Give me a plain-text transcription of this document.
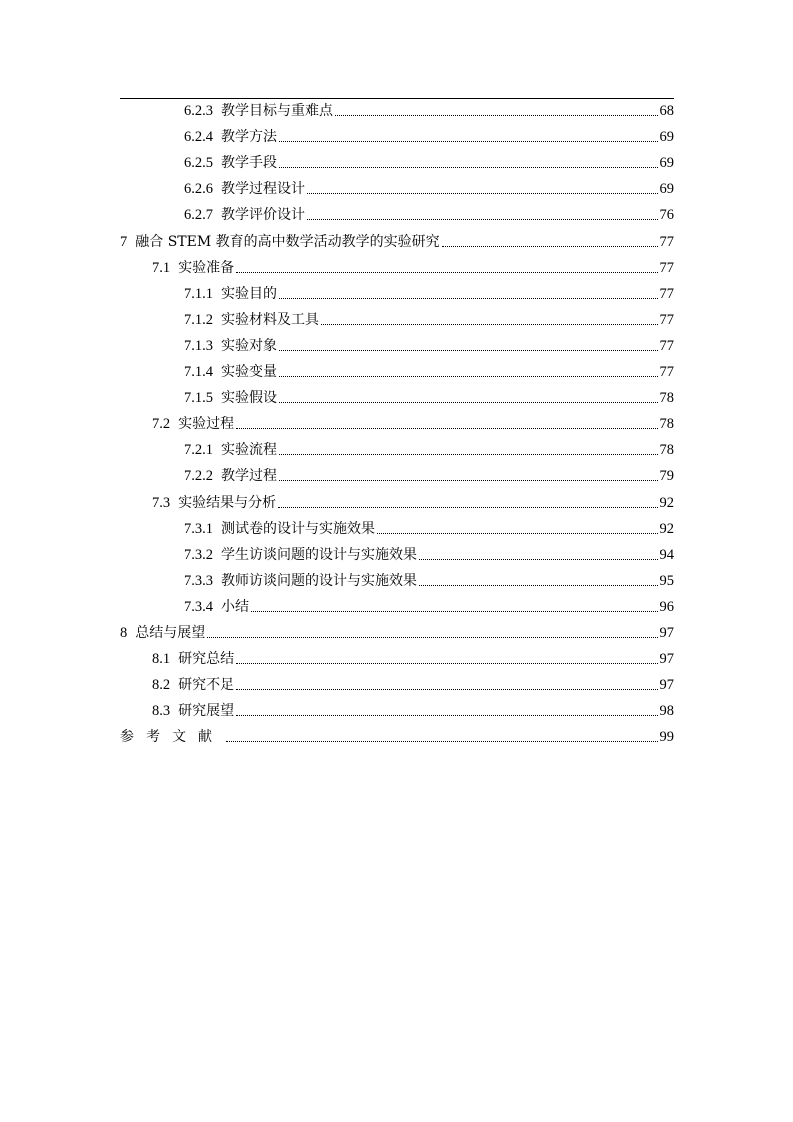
6.2.3 教学目标与重难点	68
6.2.4 教学方法	69
6.2.5 教学手段	69
6.2.6 教学过程设计	69
6.2.7 教学评价设计	76
7 融合 STEM 教育的高中数学活动教学的实验研究	77
7.1 实验准备	77
7.1.1 实验目的	77
7.1.2 实验材料及工具	77
7.1.3 实验对象	77
7.1.4 实验变量	77
7.1.5 实验假设	78
7.2 实验过程	78
7.2.1 实验流程	78
7.2.2 教学过程	79
7.3 实验结果与分析	92
7.3.1 测试卷的设计与实施效果	92
7.3.2 学生访谈问题的设计与实施效果	94
7.3.3 教师访谈问题的设计与实施效果	95
7.3.4 小结	96
8 总结与展望	97
8.1 研究总结	97
8.2 研究不足	97
8.3 研究展望	98
参考文献	99
